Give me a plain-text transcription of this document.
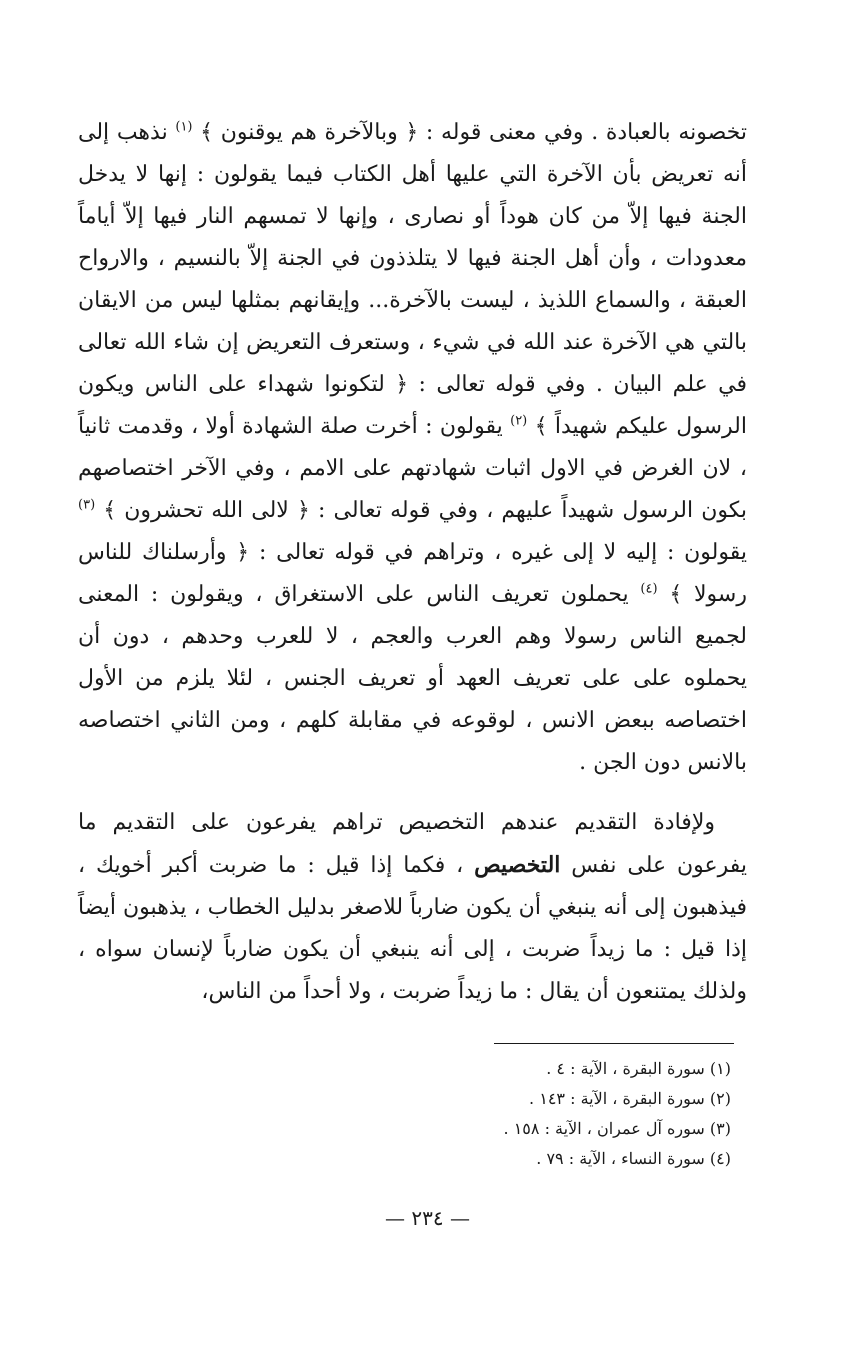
تخصونه بالعبادة . وفي معنى قوله : ﴿ وبالآخرة هم يوقنون ﴾ $^{(١)}$ نذهب إلى أنه تعريض بأن الآخرة التي عليها أهل الكتاب فيما يقولون : إنها لا يدخل الجنة فيها إلاّ من كان هوداً أو نصارى ، وإنها لا تمسهم النار فيها إلاّ أياماً معدودات ، وأن أهل الجنة فيها لا يتلذذون في الجنة إلاّ بالنسيم ، والارواح العبقة ، والسماع اللذيذ ، ليست بالآخرة... وإيقانهم بمثلها ليس من الايقان بالتي هي الآخرة عند الله في شيء ، وستعرف التعريض إن شاء الله تعالى في علم البيان . وفي قوله تعالى : ﴿ لتكونوا شهداء على الناس ويكون الرسول عليكم شهيداً ﴾ $^{(٢)}$ يقولون : أخرت صلة الشهادة أولا ، وقدمت ثانياً ، لان الغرض في الاول اثبات شهادتهم على الامم ، وفي الآخر اختصاصهم بكون الرسول شهيداً عليهم ، وفي قوله تعالى : ﴿ لالى الله تحشرون ﴾ $^{(٣)}$ يقولون : إليه لا إلى غيره ، وتراهم في قوله تعالى : ﴿ وأرسلناك للناس رسولا ﴾ $^{(٤)}$ يحملون تعريف الناس على الاستغراق ، ويقولون : المعنى لجميع الناس رسولا وهم العرب والعجم ، لا للعرب وحدهم ، دون أن يحملوه على على تعريف العهد أو تعريف الجنس ، لئلا يلزم من الأول اختصاصه ببعض الانس ، لوقوعه في مقابلة كلهم ، ومن الثاني اختصاصه بالانس دون الجن .

ولإفادة التقديم عندهم التخصيص تراهم يفرعون على التقديم ما يفرعون على نفس التخصيص ، فكما إذا قيل : ما ضربت أكبر أخويك ، فيذهبون إلى أنه ينبغي أن يكون ضارباً للاصغر بدليل الخطاب ، يذهبون أيضاً إذا قيل : ما زيداً ضربت ، إلى أنه ينبغي أن يكون ضارباً لإنسان سواه ، ولذلك يمتنعون أن يقال : ما زيداً ضربت ، ولا أحداً من الناس،

(١) سورة البقرة ، الآية : ٤ .

(٢) سورة البقرة ، الآية : ١٤٣ .

(٣) سوره آل عمران ، الآية : ١٥٨ .

(٤) سورة النساء ، الآية : ٧٩ .

— ٢٣٤ —
